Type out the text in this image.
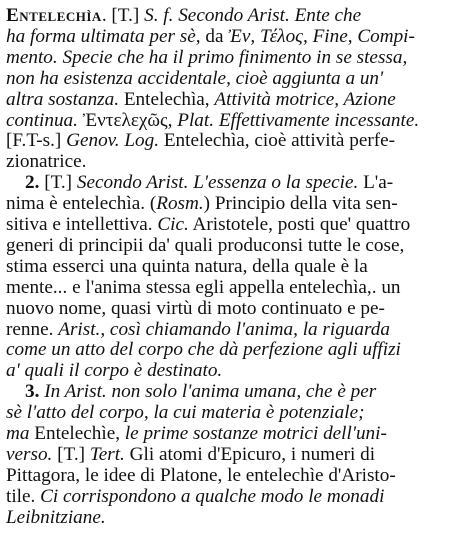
Entelechìa. [T.] S. f. Secondo Arist. Ente che
ha forma ultimata per sè, da Ἐν, Τέλος, Fine, Compi-
mento. Specie che ha il primo finimento in se stessa,
non ha esistenza accidentale, cioè aggiunta a un'
altra sostanza. Entelechìa, Attività motrice, Azione
continua. Ἐντελεχῶς, Plat. Effettivamente incessante.
[F.T-s.] Genov. Log. Entelechìa, cioè attività perfe-
zionatrice.
2. [T.] Secondo Arist. L'essenza o la specie. L'a-
nima è entelechìa. (Rosm.) Principio della vita sen-
sitiva e intellettiva. Cic. Aristotele, posti que' quattro
generi di principii da' quali produconsi tutte le cose,
stima esserci una quinta natura, della quale è la
mente... e l'anima stessa egli appella entelechìa,. un
nuovo nome, quasi virtù di moto continuato e pe-
renne. Arist., così chiamando l'anima, la riguarda
come un atto del corpo che dà perfezione agli uffizi
a' quali il corpo è destinato.
3. In Arist. non solo l'anima umana, che è per
sè l'atto del corpo, la cui materia è potenziale;
ma Entelechìe, le prime sostanze motrici dell'uni-
verso. [T.] Tert. Gli atomi d'Epicuro, i numeri di
Pittagora, le idee di Platone, le entelechìe d'Aristo-
tile. Ci corrispondono a qualche modo le monadi
Leibnitziane.
